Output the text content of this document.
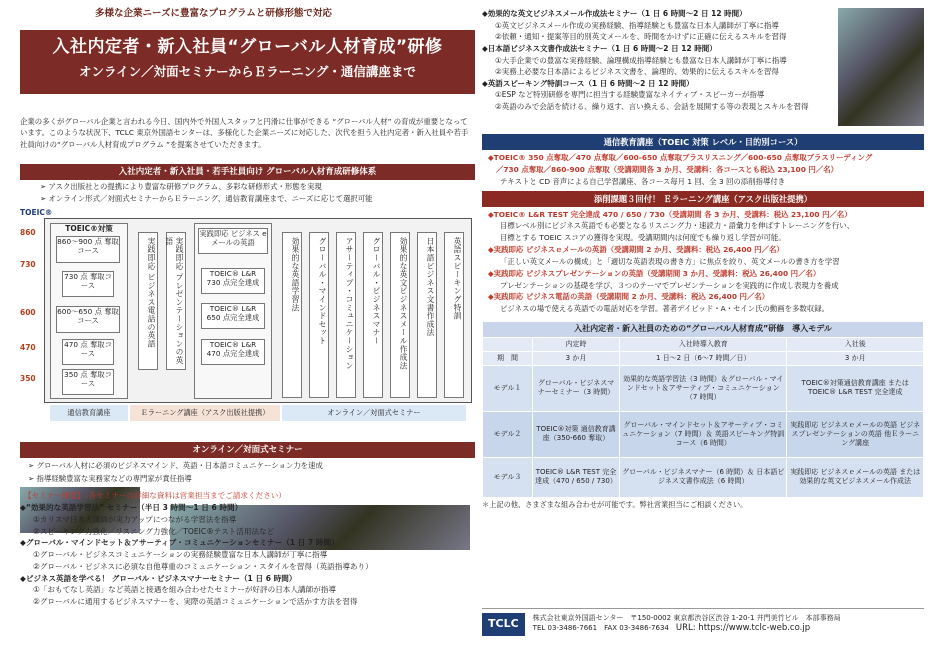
多様な企業ニーズに豊富なプログラムと研修形態で対応
入社内定者・新入社員“グローバル人材育成”研修
オンライン／対面セミナーからＥラーニング・通信講座まで
企業の多くがグローバル企業と言われる今日、国内外で外国人スタッフと円滑に仕事ができる “グローバル人材” の育成が重要となっています。このような状況下、TCLC 東京外国語センターは、多様化した企業ニーズに対応した、次代を担う入社内定者・新入社員や若手社員向けの“グローバル人材育成プログラム ”を提案させていただきます。
入社内定者・新入社員・若手社員向け グローバル人材育成研修体系
➢ アスク出版社との提携により豊富な研修プログラム、多彩な研修形式・形態を実現
➢ オンライン形式／対面式セミナーからＥラーニング、通信教育講座まで、ニーズに応じて選択可能
TOEIC®
860
730
600
470
350
TOEIC®対策
860～900 点 奪取コース
730 点 奪取コース
600～650 点 奪取コース
470 点 奪取コース
350 点 奪取コース
実践即応 ビジネス電話の英語	実践即応 プレゼンテーションの英語
実践即応 ビジネス eメールの英語
TOEIC® L&R 730 点完全達成
TOEIC® L&R 650 点完全達成
TOEIC® L&R 470 点完全達成
効果的な英語学習法	グローバル・マインドセット	アサーティブ・コミュニケーション	グローバル・ビジネスマナー	効果的な英文ビジネスメール作成法	日本語ビジネス文書作成法	英語スピーキング特訓
通信教育講座	Ｅラーニング講座（アスク出版社提携）	オンライン／対面式セミナー
オンライン／対面式セミナー
➢ グローバル人材に必須のビジネスマインド、英語・日本語コミュニケーション力を速成
➢ 指導経験豊富な実務家などの専門家が責任指導
【セミナー概要】（各セミナーの詳細な資料は営業担当までご請求ください）
◆“効果的な英語学習法” セミナー（半日 3 時間〜1 日 6 時間）
①カリスマ日本人講師が実力アップにつながる学習法を指導
②スピーキング力強化／リスニング力強化／TOEIC®テスト活用法など
◆グローバル・マインドセット＆アサーティブ・コミュニケーションセミナー（1 日 7 時間）
①グローバル・ビジネスコミュニケーションの実務経験豊富な日本人講師が丁寧に指導
②グローバル・ビジネスに必須な自他尊重のコミュニケーション・スタイルを習得（英語指導あり）
◆ビジネス英語を学べる！ グローバル・ビジネスマナーセミナー（1 日 6 時間）
①「おもてなし英語」など英語と接遇を組み合わせたセミナーが好評の日本人講師が指導
②グローバルに通用するビジネスマナーを、実際の英語コミュニケーションで活かす方法を習得
◆効果的な英文ビジネスメール作成法セミナー（1 日 6 時間〜2 日 12 時間）
①英文ビジネスメール作成の実務経験、指導経験とも豊富な日本人講師が丁寧に指導
②依頼・通知・提案等目的別英文メールを、時間をかけずに正確に伝えるスキルを習得
◆日本語ビジネス文書作成法セミナー（1 日 6 時間〜2 日 12 時間）
①大手企業での豊富な実務経験、論理構成指導経験とも豊富な日本人講師が丁寧に指導
②実務上必要な日本語によるビジネス文書を、論理的、効果的に伝えるスキルを習得
◆英語スピーキング特訓コース（1 日 6 時間〜2 日 12 時間）
①ESP など特別研修を専門に担当する経験豊富なネイティブ・スピーカーが指導
②英語のみで会話を続ける、繰り返す、言い換える、会話を展開する等の表現とスキルを習得
通信教育講座（TOEIC 対策 レベル・目的別コース）
◆TOEIC® 350 点奪取／470 点奪取／600-650 点奪取プラスリスニング／600-650 点奪取プラスリーディング
／730 点奪取／860-900 点奪取（受講期間各 3 か月、受講料：各コースとも税込 23,100 円／名）
テキストと CD 音声による自己学習講座、各コース毎月 1 回、全 3 回の添削指導付き
添削課題３回付！ Ｅラーニング講座（アスク出版社提携）
◆TOEIC® L&R TEST 完全達成 470 / 650 / 730（受講期間 各 3 か月、受講料：税込 23,100 円／名）
目標レベル別にビジネス英語でも必要となるリスニング力・速読力・語彙力を伸ばすトレーニングを行い、
目標とする TOEIC スコアの獲得を実現。受講期間内は何度でも繰り返し学習が可能。
◆実践即応 ビジネスｅメールの英語（受講期間 2 か月、受講料：税込 26,400 円／名）
「正しい英文メールの構成」と「適切な英語表現の書き方」に焦点を絞り、英文メールの書き方を学習
◆実践即応 ビジネスプレゼンテーションの英語（受講期間 3 か月、受講料：税込 26,400 円／名）
プレゼンテーションの基礎を学び、３つのテーマでプレゼンテーションを実践的に作成し表現力を養成
◆実践即応 ビジネス電話の英語（受講期間 2 か月、受講料：税込 26,400 円／名）
ビジネスの場で使える英語での電話対応を学習。著者デイビッド・A・セイン氏の動画を多数収録。
入社内定者・新入社員のための“グローバル人材育成”研修　導入モデル			
	内定時	入社時導入教育	入社後
期　間	3 か月	1 日〜2 日（6〜7 時間／日）	3 か月
モデル１	グローバル・ビジネスマナーセミナー（3 時間）	効果的な英語学習法（3 時間）＆グローバル・マインドセット＆アサーティブ・コミュニケーション（7 時間）	TOEIC®対策通信教育講座 または TOEIC® L&R TEST 完全達成
モデル２	TOEIC®対策 通信教育講座（350-660 奪取）	グローバル・マインドセット＆アサーティブ・コミュニケーション（7 時間）＆ 英語スピーキング特訓コース（6 時間）	実践即応 ビジネスｅメールの英語 ビジネスプレゼンテーションの英語 他Ｅラーニング講座
モデル３	TOEIC® L&R TEST 完全達成（470 / 650 / 730）	グローバル・ビジネスマナー（6 時間）＆ 日本語ビジネス文書作成法（6 時間）	実践即応 ビジネスｅメールの英語 または 効果的な英文ビジネスメール作成法
＊上記の他、さまざまな組み合わせが可能です。弊社営業担当にご相談ください。
TCLC	株式会社東京外国語センター　〒150-0002 東京都渋谷区渋谷 1-20-1 井門美竹ビル　本部事務局
TEL 03-3486-7661　FAX 03-3486-7634　 URL: https://www.tclc-web.co.jp
